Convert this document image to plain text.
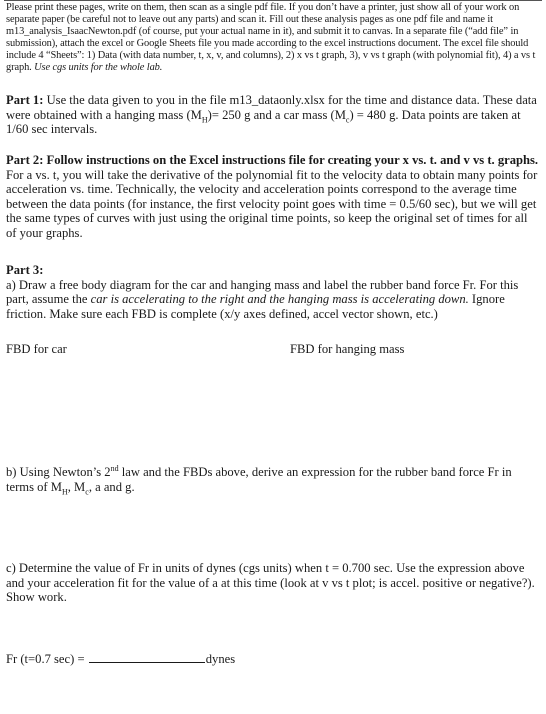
Please print these pages, write on them, then scan as a single pdf file. If you don’t have a printer, just show all of your work on separate paper (be careful not to leave out any parts) and scan it. Fill out these analysis pages as one pdf file and name it m13_analysis_IsaacNewton.pdf (of course, put your actual name in it), and submit it to canvas. In a separate file (“add file” in submission), attach the excel or Google Sheets file you made according to the excel instructions document. The excel file should include 4 “Sheets”: 1) Data (with data number, t, x, v, and columns), 2) x vs t graph, 3), v vs t graph (with polynomial fit), 4) a vs t graph. Use cgs units for the whole lab.
Part 1: Use the data given to you in the file m13_dataonly.xlsx for the time and distance data. These data were obtained with a hanging mass $(M_H)= 250$ g and a car mass $(M_c) = 480$ g. Data points are taken at 1/60 sec intervals.
Part 2: Follow instructions on the Excel instructions file for creating your x vs. t. and v vs t. graphs. For a vs. t, you will take the derivative of the polynomial fit to the velocity data to obtain many points for acceleration vs. time. Technically, the velocity and acceleration points correspond to the average time between the data points (for instance, the first velocity point goes with time = 0.5/60 sec), but we will get the same types of curves with just using the original time points, so keep the original set of times for all of your graphs.
Part 3:
a) Draw a free body diagram for the car and hanging mass and label the rubber band force Fr. For this part, assume the car is accelerating to the right and the hanging mass is accelerating down. Ignore friction. Make sure each FBD is complete (x/y axes defined, accel vector shown, etc.)
FBD for car	FBD for hanging mass
b) Using Newton’s 2nd law and the FBDs above, derive an expression for the rubber band force Fr in terms of $M_H$, $M_c$, a and g.
c) Determine the value of Fr in units of dynes (cgs units) when t = 0.700 sec. Use the expression above and your acceleration fit for the value of a at this time (look at v vs t plot; is accel. positive or negative?). Show work.
Fr (t=0.7 sec) =	dynes
